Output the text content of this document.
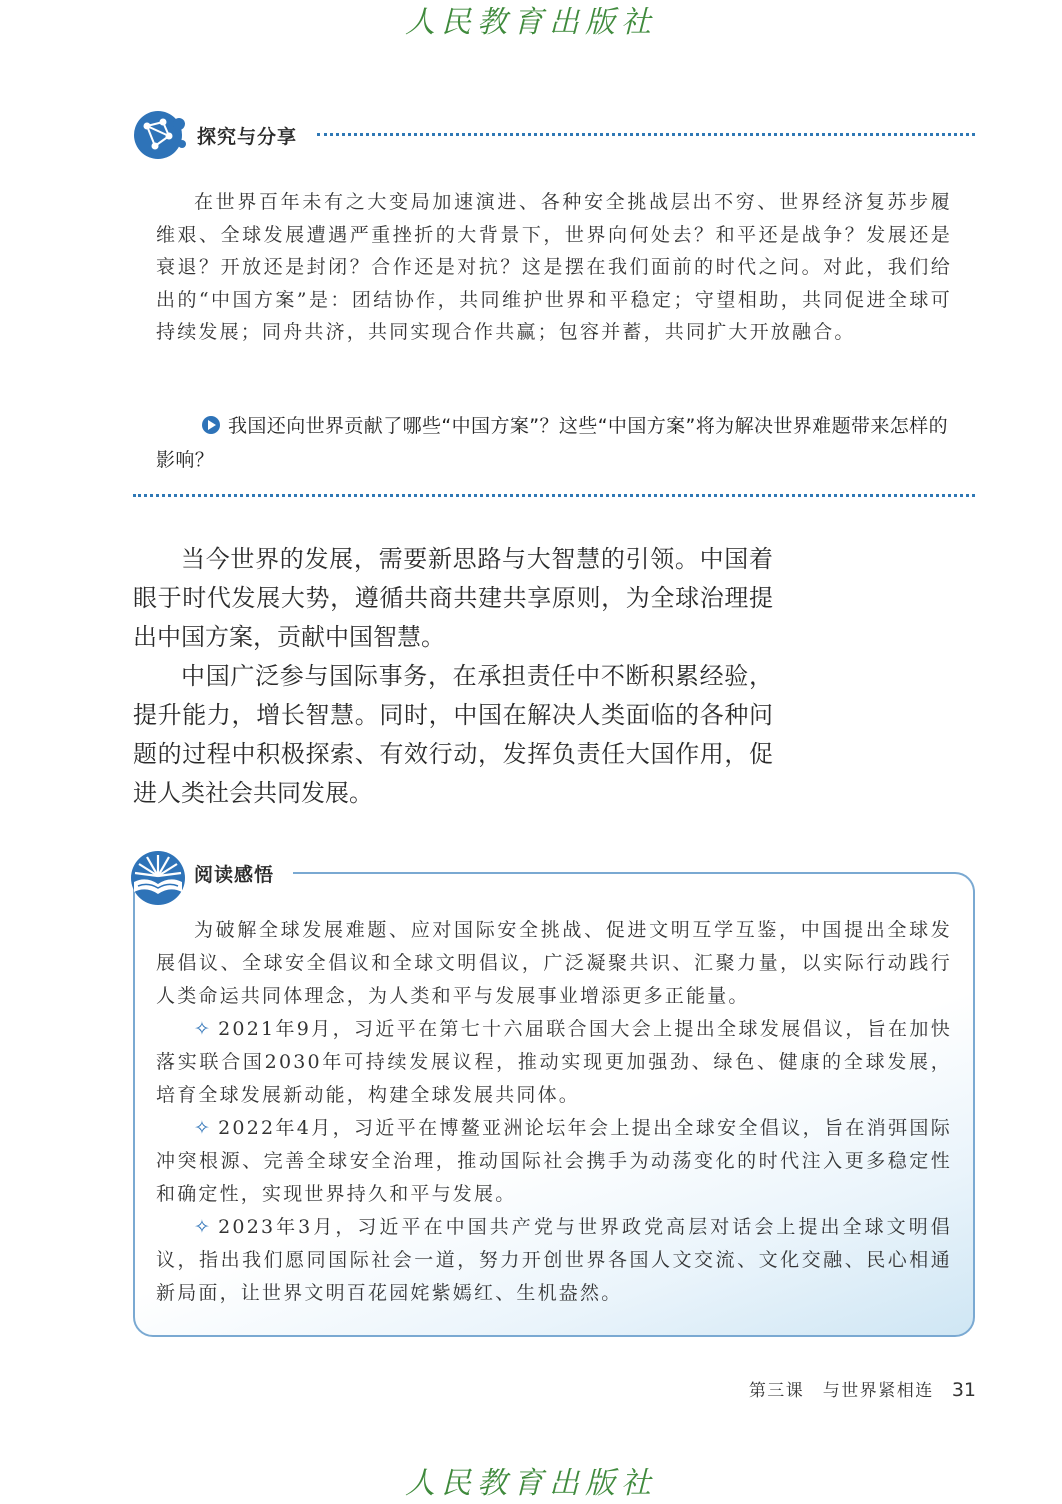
人民教育出版社
探究与分享

在世界百年未有之大变局加速演进、各种安全挑战层出不穷、世界经济复苏步履维艰、全球发展遭遇严重挫折的大背景下，世界向何处去？和平还是战争？发展还是衰退？开放还是封闭？合作还是对抗？这是摆在我们面前的时代之问。对此，我们给出的“中国方案”是：团结协作，共同维护世界和平稳定；守望相助，共同促进全球可持续发展；同舟共济，共同实现合作共赢；包容并蓄，共同扩大开放融合。

我国还向世界贡献了哪些“中国方案”？这些“中国方案”将为解决世界难题带来怎样的影响？

当今世界的发展，需要新思路与大智慧的引领。中国着眼于时代发展大势，遵循共商共建共享原则，为全球治理提出中国方案，贡献中国智慧。

中国广泛参与国际事务，在承担责任中不断积累经验，提升能力，增长智慧。同时，中国在解决人类面临的各种问题的过程中积极探索、有效行动，发挥负责任大国作用，促进人类社会共同发展。

阅读感悟

为破解全球发展难题、应对国际安全挑战、促进文明互学互鉴，中国提出全球发展倡议、全球安全倡议和全球文明倡议，广泛凝聚共识、汇聚力量，以实际行动践行人类命运共同体理念，为人类和平与发展事业增添更多正能量。

✧ 2021年9月，习近平在第七十六届联合国大会上提出全球发展倡议，旨在加快落实联合国2030年可持续发展议程，推动实现更加强劲、绿色、健康的全球发展，培育全球发展新动能，构建全球发展共同体。

✧ 2022年4月，习近平在博鳌亚洲论坛年会上提出全球安全倡议，旨在消弭国际冲突根源、完善全球安全治理，推动国际社会携手为动荡变化的时代注入更多稳定性和确定性，实现世界持久和平与发展。

✧ 2023年3月，习近平在中国共产党与世界政党高层对话会上提出全球文明倡议，指出我们愿同国际社会一道，努力开创世界各国人文交流、文化交融、民心相通新局面，让世界文明百花园姹紫嫣红、生机盎然。

第三课　与世界紧相连 31
人民教育出版社
